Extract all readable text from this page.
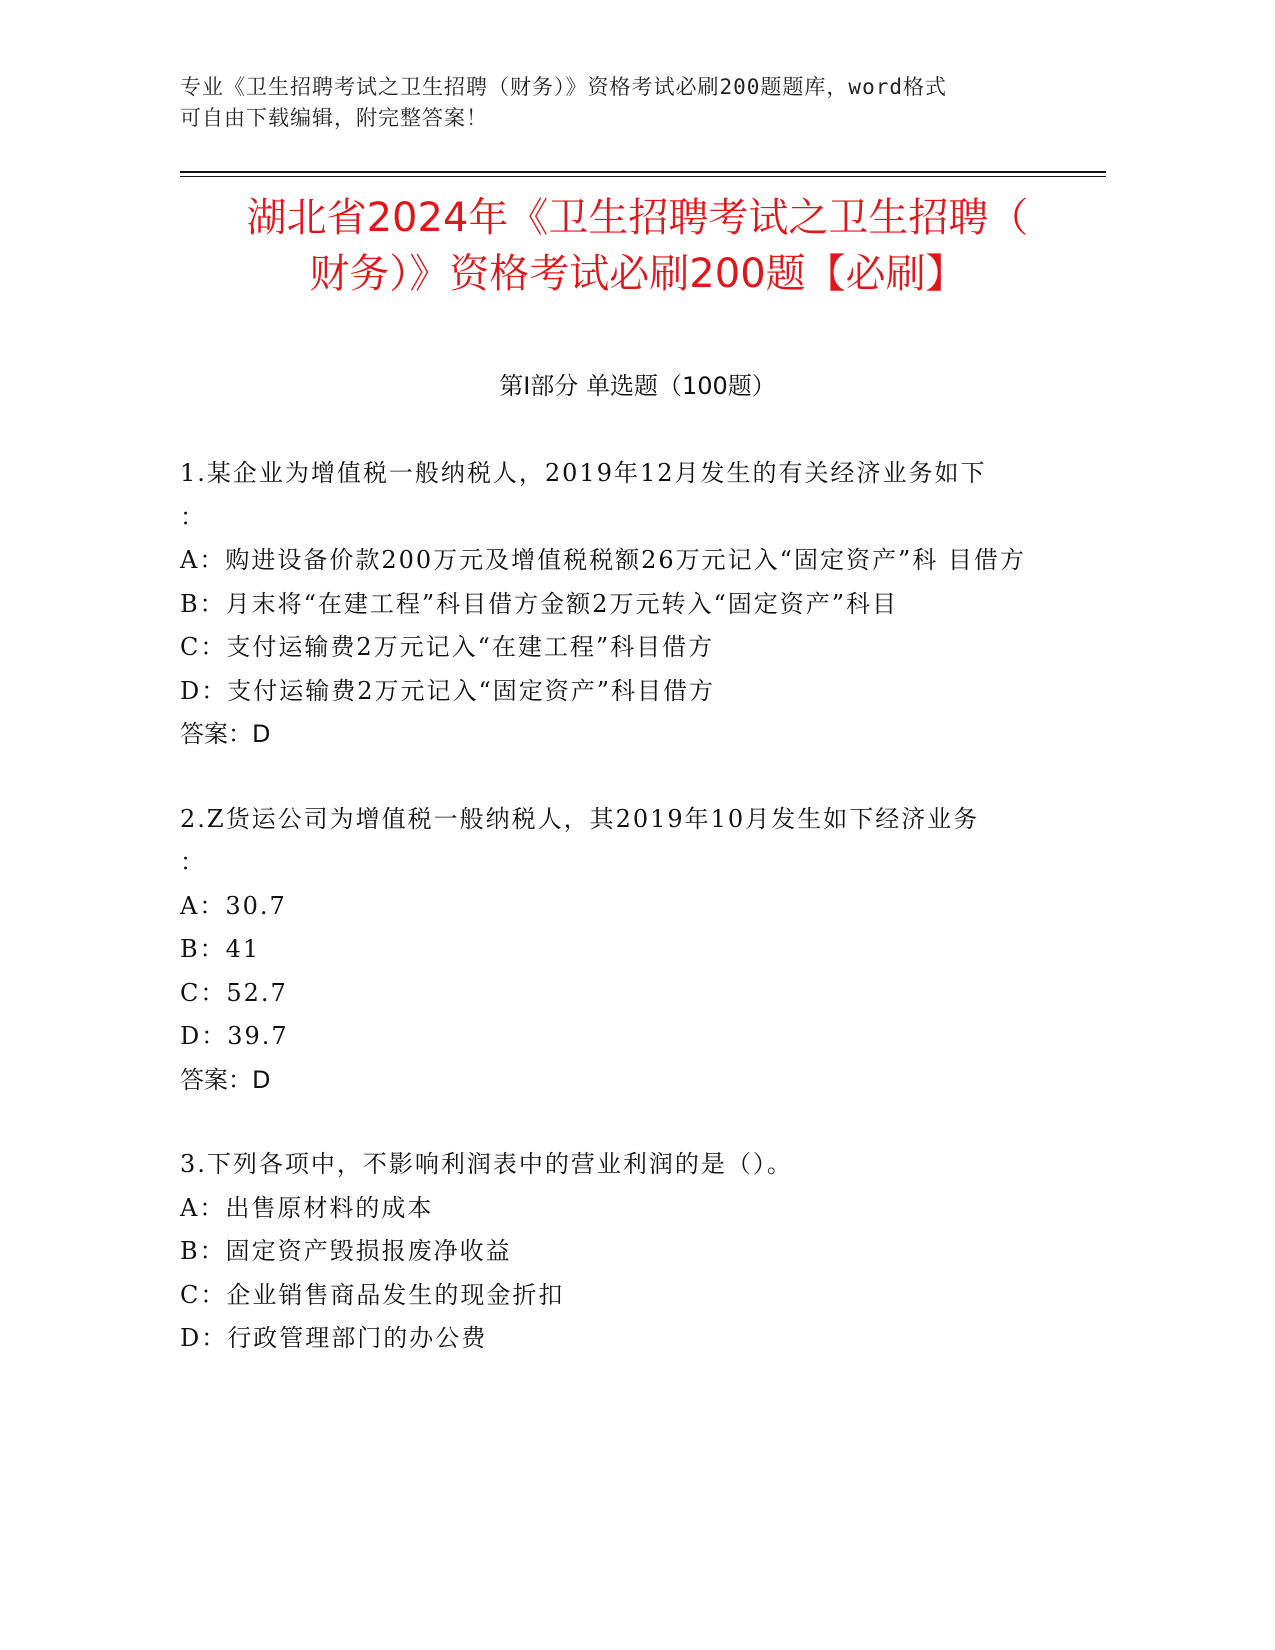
专业《卫生招聘考试之卫生招聘（财务）》资格考试必刷200题题库，word格式
可自由下载编辑，附完整答案！
湖北省2024年《卫生招聘考试之卫生招聘（
财务）》资格考试必刷200题【必刷】
第I部分 单选题（100题）

1.某企业为增值税一般纳税人，2019年12月发生的有关经济业务如下
：

A：购进设备价款200万元及增值税税额26万元记入“固定资产”科 目借方

B：月末将“在建工程”科目借方金额2万元转入“固定资产”科目

C：支付运输费2万元记入“在建工程”科目借方

D：支付运输费2万元记入“固定资产”科目借方

答案：D

2.Z货运公司为增值税一般纳税人，其2019年10月发生如下经济业务
：

A：30.7

B：41

C：52.7

D：39.7

答案：D

3.下列各项中，不影响利润表中的营业利润的是（）。

A：出售原材料的成本

B：固定资产毁损报废净收益

C：企业销售商品发生的现金折扣

D：行政管理部门的办公费
